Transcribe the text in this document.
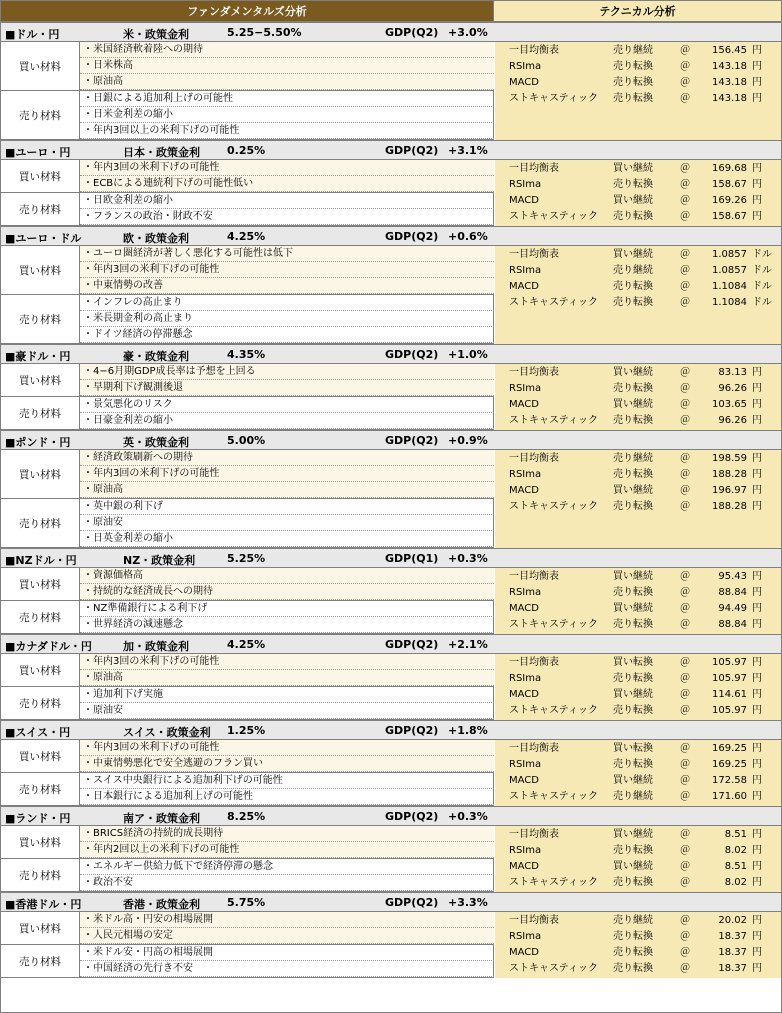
ファンダメンタルズ分析	テクニカル分析
■ドル・円	米・政策金利	5.25−5.50%	GDP(Q2) +3.0%
買い材料
・米国経済軟着陸への期待
・日米株高
・原油高
売り材料
・日銀による追加利上げの可能性
・日米金利差の縮小
・年内3回以上の米利下げの可能性
一目均衡表	売り継続	＠ 156.45 円
RSIma	売り転換	＠ 143.18 円
MACD	売り転換	＠ 143.18 円
ストキャスティック 売り転換	＠ 143.18 円
■ユーロ・円	日本・政策金利 0.25%	GDP(Q2) +3.1%
買い材料
・年内3回の米利下げの可能性
・ECBによる連続利下げの可能性低い
売り材料
・日欧金利差の縮小
・フランスの政治・財政不安
一目均衡表	買い継続	＠ 169.68 円
RSIma	売り転換	＠ 158.67 円
MACD	買い継続	＠ 169.26 円
ストキャスティック 売り転換	＠ 158.67 円
■ユーロ・ドル	欧・政策金利	4.25%	GDP(Q2) +0.6%
買い材料
・ユーロ圏経済が著しく悪化する可能性は低下
・年内3回の米利下げの可能性
・中東情勢の改善
売り材料
・インフレの高止まり
・米長期金利の高止まり
・ドイツ経済の停滞懸念
一目均衡表	買い継続	＠ 1.0857 ドル
RSIma	売り継続	＠ 1.0857 ドル
MACD	売り転換	＠ 1.1084 ドル
ストキャスティック 売り転換	＠ 1.1084 ドル
■豪ドル・円	豪・政策金利	4.35%	GDP(Q2) +1.0%
買い材料
・4−6月期GDP成長率は予想を上回る
・早期利下げ観測後退
売り材料
・景気悪化のリスク
・日豪金利差の縮小
一目均衡表	買い継続	＠	83.13 円
RSIma	売り転換	＠	96.26 円
MACD	買い継続	＠ 103.65 円
ストキャスティック 売り転換	＠	96.26 円
■ポンド・円	英・政策金利	5.00%	GDP(Q2) +0.9%
買い材料
・経済政策刷新への期待
・年内3回の米利下げの可能性
・原油高
売り材料
・英中銀の利下げ
・原油安
・日英金利差の縮小
一目均衡表	売り継続	＠ 198.59 円
RSIma	売り転換	＠ 188.28 円
MACD	買い継続	＠ 196.97 円
ストキャスティック 売り転換	＠ 188.28 円
■NZドル・円	NZ・政策金利	5.25%	GDP(Q1) +0.3%
買い材料
・資源価格高
・持続的な経済成長への期待
売り材料
・NZ準備銀行による利下げ
・世界経済の減速懸念
一目均衡表	買い継続	＠	95.43 円
RSIma	売り転換	＠	88.84 円
MACD	買い継続	＠	94.49 円
ストキャスティック 売り転換	＠	88.84 円
■カナダドル・円	加・政策金利	4.25%	GDP(Q2) +2.1%
買い材料
・年内3回の米利下げの可能性
・原油高
売り材料
・追加利下げ実施
・原油安
一目均衡表	買い転換	＠ 105.97 円
RSIma	売り転換	＠ 105.97 円
MACD	買い継続	＠ 114.61 円
ストキャスティック 売り転換	＠ 105.97 円
■スイス・円	スイス・政策金利 1.25%	GDP(Q2) +1.8%
買い材料
・年内3回の米利下げの可能性
・中東情勢悪化で安全逃避のフラン買い
売り材料
・スイス中央銀行による追加利下げの可能性
・日本銀行による追加利上げの可能性
一目均衡表	買い転換	＠ 169.25 円
RSIma	売り転換	＠ 169.25 円
MACD	買い継続	＠ 172.58 円
ストキャスティック 売り継続	＠ 171.60 円
■ランド・円	南ア・政策金利 8.25%	GDP(Q2) +0.3%
買い材料
・BRICS経済の持続的成長期待
・年内2回以上の米利下げの可能性
売り材料
・エネルギー供給力低下で経済停滞の懸念
・政治不安
一目均衡表	買い継続	＠	8.51 円
RSIma	売り転換	＠	8.02 円
MACD	買い継続	＠	8.51 円
ストキャスティック 売り転換	＠	8.02 円
■香港ドル・円	香港・政策金利 5.75%	GDP(Q2) +3.3%
買い材料
・米ドル高・円安の相場展開
・人民元相場の安定
売り材料
・米ドル安・円高の相場展開
・中国経済の先行き不安
一目均衡表	売り継続	＠	20.02 円
RSIma	売り転換	＠	18.37 円
MACD	売り転換	＠	18.37 円
ストキャスティック 売り転換	＠	18.37 円
